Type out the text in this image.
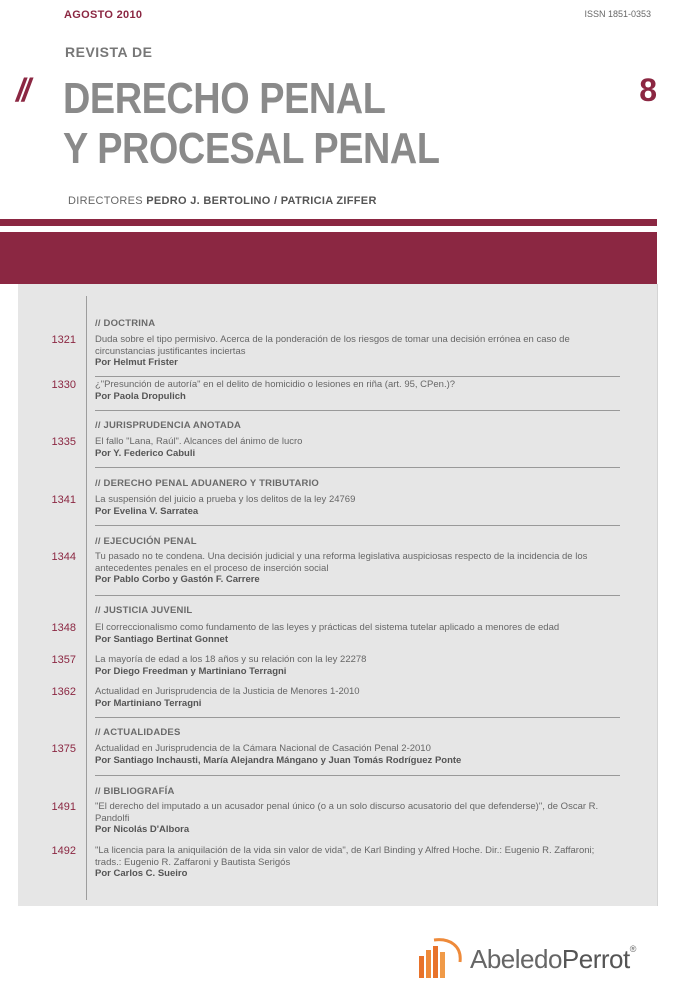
AGOSTO 2010	ISSN 1851-0353
REVISTA DE
// DERECHO PENAL
Y PROCESAL PENAL
8
DIRECTORES PEDRO J. BERTOLINO / PATRICIA ZIFFER
// DOCTRINA
// JURISPRUDENCIA ANOTADA
// DERECHO PENAL ADUANERO Y TRIBUTARIO
// EJECUCIÓN PENAL
// JUSTICIA JUVENIL
// ACTUALIDADES
// BIBLIOGRAFÍA
1321 Duda sobre el tipo permisivo. Acerca de la ponderación de los riesgos de tomar una decisión errónea en caso de circunstancias justificantes inciertas
Por Helmut Frister
1330 ¿"Presunción de autoría" en el delito de homicidio o lesiones en riña (art. 95, CPen.)?
Por Paola Dropulich
1335 El fallo "Lana, Raúl". Alcances del ánimo de lucro
Por Y. Federico Cabuli
1341 La suspensión del juicio a prueba y los delitos de la ley 24769
Por Evelina V. Sarratea
1344 Tu pasado no te condena. Una decisión judicial y una reforma legislativa auspiciosas respecto de la incidencia de los antecedentes penales en el proceso de inserción social
Por Pablo Corbo y Gastón F. Carrere
1348 El correccionalismo como fundamento de las leyes y prácticas del sistema tutelar aplicado a menores de edad
Por Santiago Bertinat Gonnet
1357 La mayoría de edad a los 18 años y su relación con la ley 22278
Por Diego Freedman y Martiniano Terragni
1362 Actualidad en Jurisprudencia de la Justicia de Menores 1-2010
Por Martiniano Terragni
1375 Actualidad en Jurisprudencia de la Cámara Nacional de Casación Penal 2-2010
Por Santiago Inchausti, María Alejandra Mángano y Juan Tomás Rodríguez Ponte
1491 "El derecho del imputado a un acusador penal único (o a un solo discurso acusatorio del que defenderse)", de Oscar R. Pandolfi
Por Nicolás D'Albora
1492 "La licencia para la aniquilación de la vida sin valor de vida", de Karl Binding y Alfred Hoche. Dir.: Eugenio R. Zaffaroni; trads.: Eugenio R. Zaffaroni y Bautista Serigós
Por Carlos C. Sueiro
AbeledoPerrot®
